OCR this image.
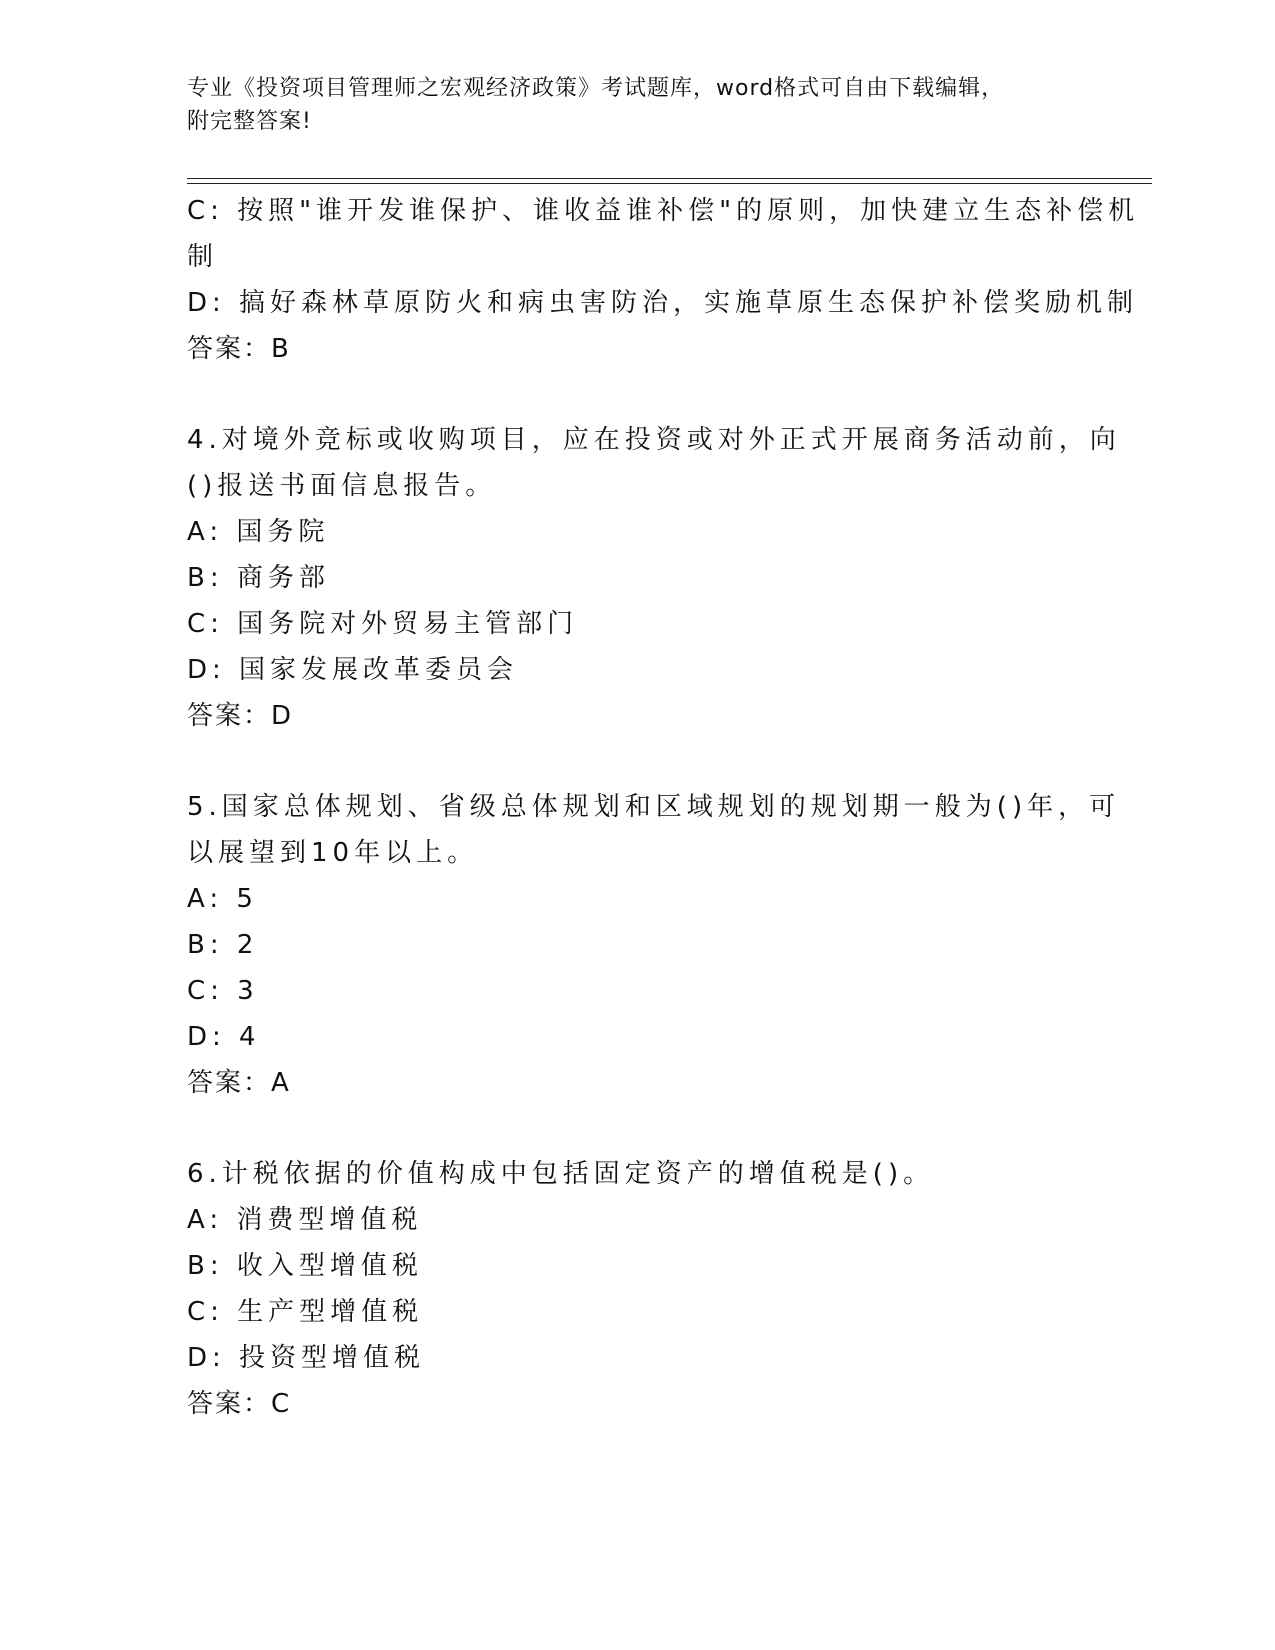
专业《投资项目管理师之宏观经济政策》考试题库，word格式可自由下载编辑，
附完整答案!
C: 按照"谁开发谁保护、谁收益谁补偿"的原则，加快建立生态补偿机
制
D: 搞好森林草原防火和病虫害防治，实施草原生态保护补偿奖励机制
答案：B
4.对境外竞标或收购项目，应在投资或对外正式开展商务活动前，向
()报送书面信息报告。
A: 国务院
B: 商务部
C: 国务院对外贸易主管部门
D: 国家发展改革委员会
答案：D
5.国家总体规划、省级总体规划和区域规划的规划期一般为()年，可
以展望到10年以上。
A: 5
B: 2
C: 3
D: 4
答案：A
6.计税依据的价值构成中包括固定资产的增值税是()。
A: 消费型增值税
B: 收入型增值税
C: 生产型增值税
D: 投资型增值税
答案：C
